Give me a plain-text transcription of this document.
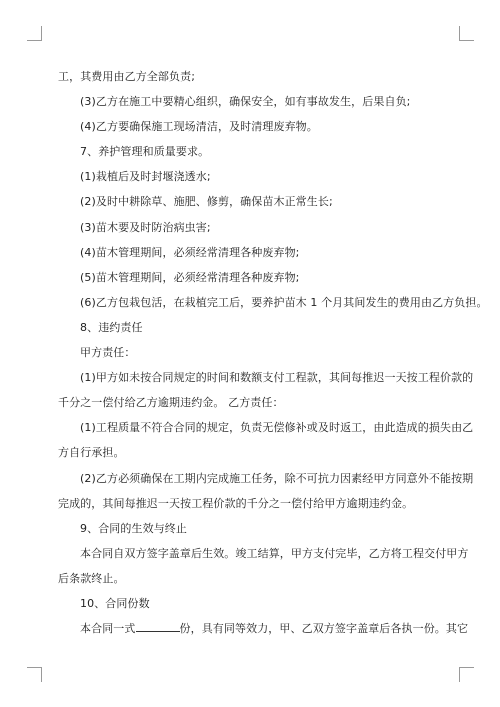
工，其费用由乙方全部负责;
(3)乙方在施工中要精心组织，确保安全，如有事故发生，后果自负;
(4)乙方要确保施工现场清洁，及时清理废弃物。
7、养护管理和质量要求。
(1)栽植后及时封堰浇透水;
(2)及时中耕除草、施肥、修剪，确保苗木正常生长;
(3)苗木要及时防治病虫害;
(4)苗木管理期间，必须经常清理各种废弃物;
(5)苗木管理期间，必须经常清理各种废弃物;
(6)乙方包栽包活，在栽植完工后，要养护苗木 1 个月其间发生的费用由乙方负担。
8、违约责任
甲方责任：
(1)甲方如未按合同规定的时间和数额支付工程款，其间每推迟一天按工程价款的
千分之一偿付给乙方逾期违约金。 乙方责任：
(1)工程质量不符合合同的规定，负责无偿修补或及时返工，由此造成的损失由乙
方自行承担。
(2)乙方必须确保在工期内完成施工任务，除不可抗力因素经甲方同意外不能按期
完成的，其间每推迟一天按工程价款的千分之一偿付给甲方逾期违约金。
9、合同的生效与终止
本合同自双方签字盖章后生效。竣工结算，甲方支付完毕，乙方将工程交付甲方
后条款终止。
10、合同份数
本合同一式	份，具有同等效力，甲、乙双方签字盖章后各执一份。其它
